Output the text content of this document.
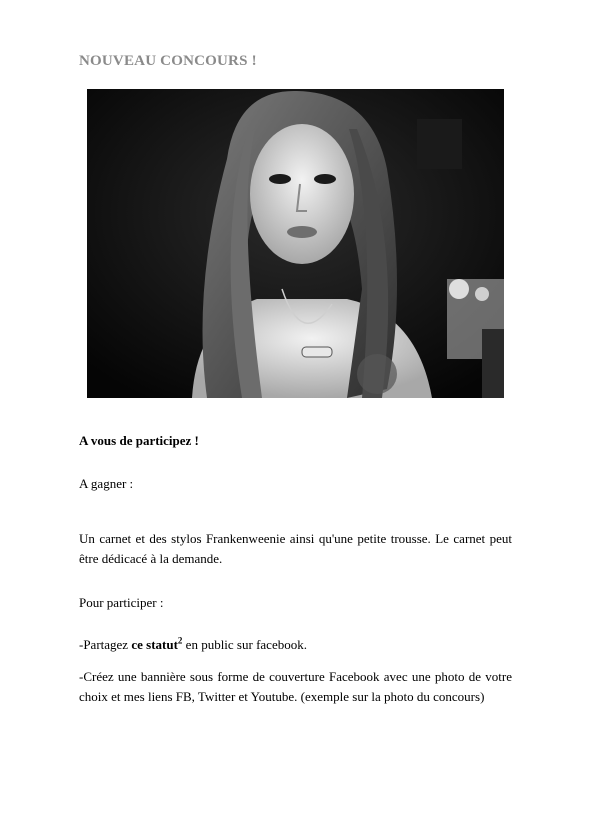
NOUVEAU CONCOURS !
A vous de participez !
A gagner :
Un carnet et des stylos Frankenweenie ainsi qu'une petite trousse. Le carnet peut être dédicacé à la demande.
Pour participer :
-Partagez ce statut$^2$ en public sur facebook.
-Créez une bannière sous forme de couverture Facebook avec une photo de votre choix et mes liens FB, Twitter et Youtube. (exemple sur la photo du concours)
